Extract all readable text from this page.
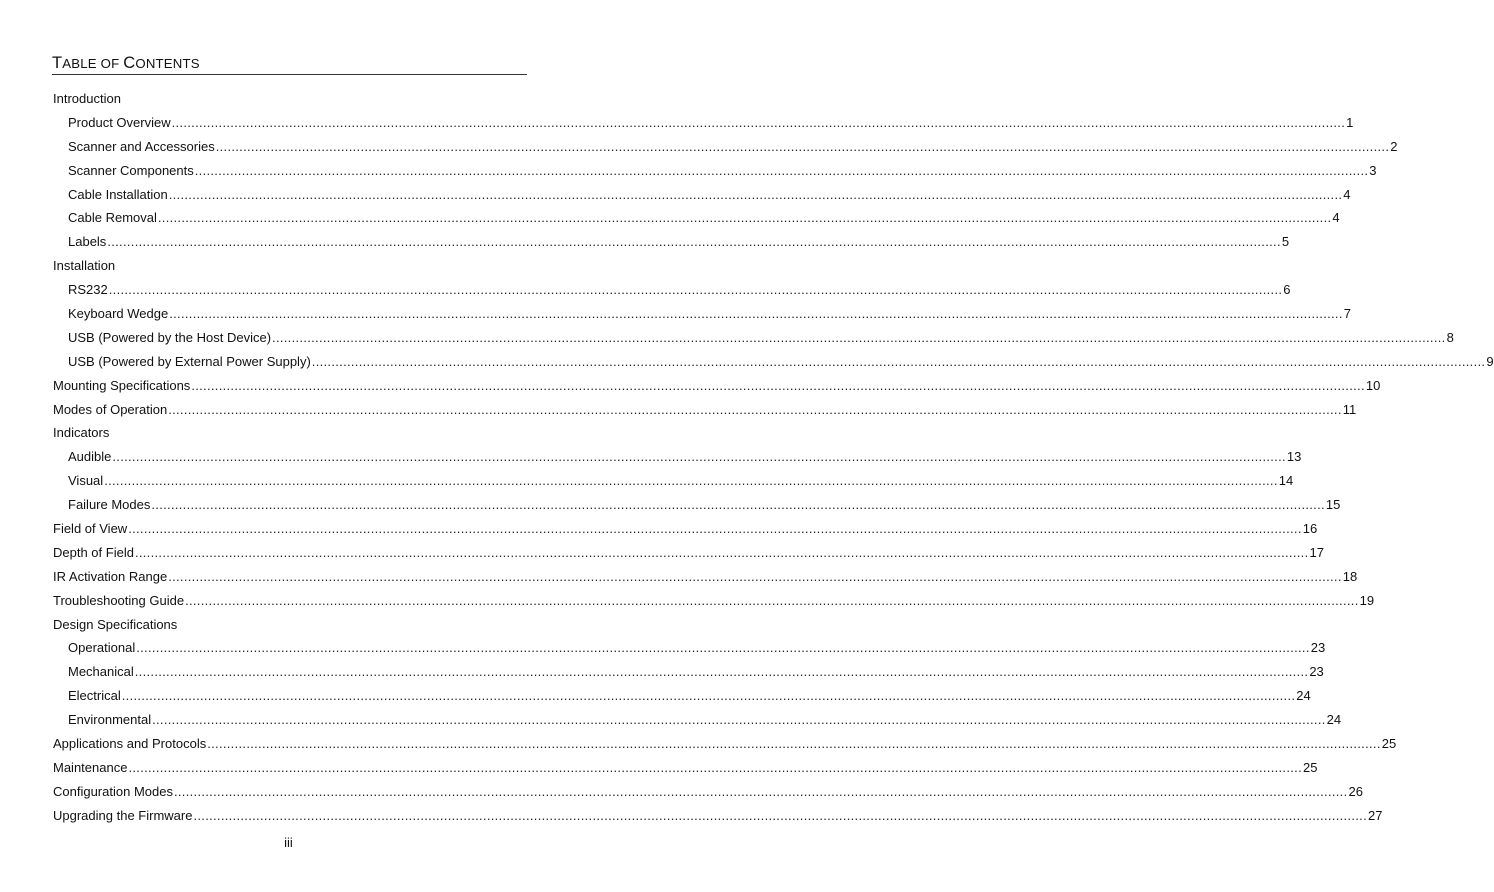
TABLE OF CONTENTS
Introduction
Product Overview ............................................................................................................................................................................................................................................................................................................ 1
Scanner and Accessories ............................................................................................................................................................................................................................................................................................................ 2
Scanner Components ............................................................................................................................................................................................................................................................................................................ 3
Cable Installation ............................................................................................................................................................................................................................................................................................................ 4
Cable Removal ............................................................................................................................................................................................................................................................................................................ 4
Labels ............................................................................................................................................................................................................................................................................................................ 5
Installation
RS232 ............................................................................................................................................................................................................................................................................................................ 6
Keyboard Wedge ............................................................................................................................................................................................................................................................................................................ 7
USB (Powered by the Host Device) ............................................................................................................................................................................................................................................................................................................ 8
USB (Powered by External Power Supply) ............................................................................................................................................................................................................................................................................................................ 9
Mounting Specifications ............................................................................................................................................................................................................................................................................................................ 10
Modes of Operation ............................................................................................................................................................................................................................................................................................................ 11
Indicators
Audible ............................................................................................................................................................................................................................................................................................................ 13
Visual ............................................................................................................................................................................................................................................................................................................ 14
Failure Modes ............................................................................................................................................................................................................................................................................................................ 15
Field of View ............................................................................................................................................................................................................................................................................................................ 16
Depth of Field ............................................................................................................................................................................................................................................................................................................ 17
IR Activation Range ............................................................................................................................................................................................................................................................................................................ 18
Troubleshooting Guide ............................................................................................................................................................................................................................................................................................................ 19
Design Specifications
Operational ............................................................................................................................................................................................................................................................................................................ 23
Mechanical ............................................................................................................................................................................................................................................................................................................ 23
Electrical ............................................................................................................................................................................................................................................................................................................ 24
Environmental ............................................................................................................................................................................................................................................................................................................ 24
Applications and Protocols ............................................................................................................................................................................................................................................................................................................ 25
Maintenance ............................................................................................................................................................................................................................................................................................................ 25
Configuration Modes ............................................................................................................................................................................................................................................................................................................ 26
Upgrading the Firmware ............................................................................................................................................................................................................................................................................................................ 27
iii
